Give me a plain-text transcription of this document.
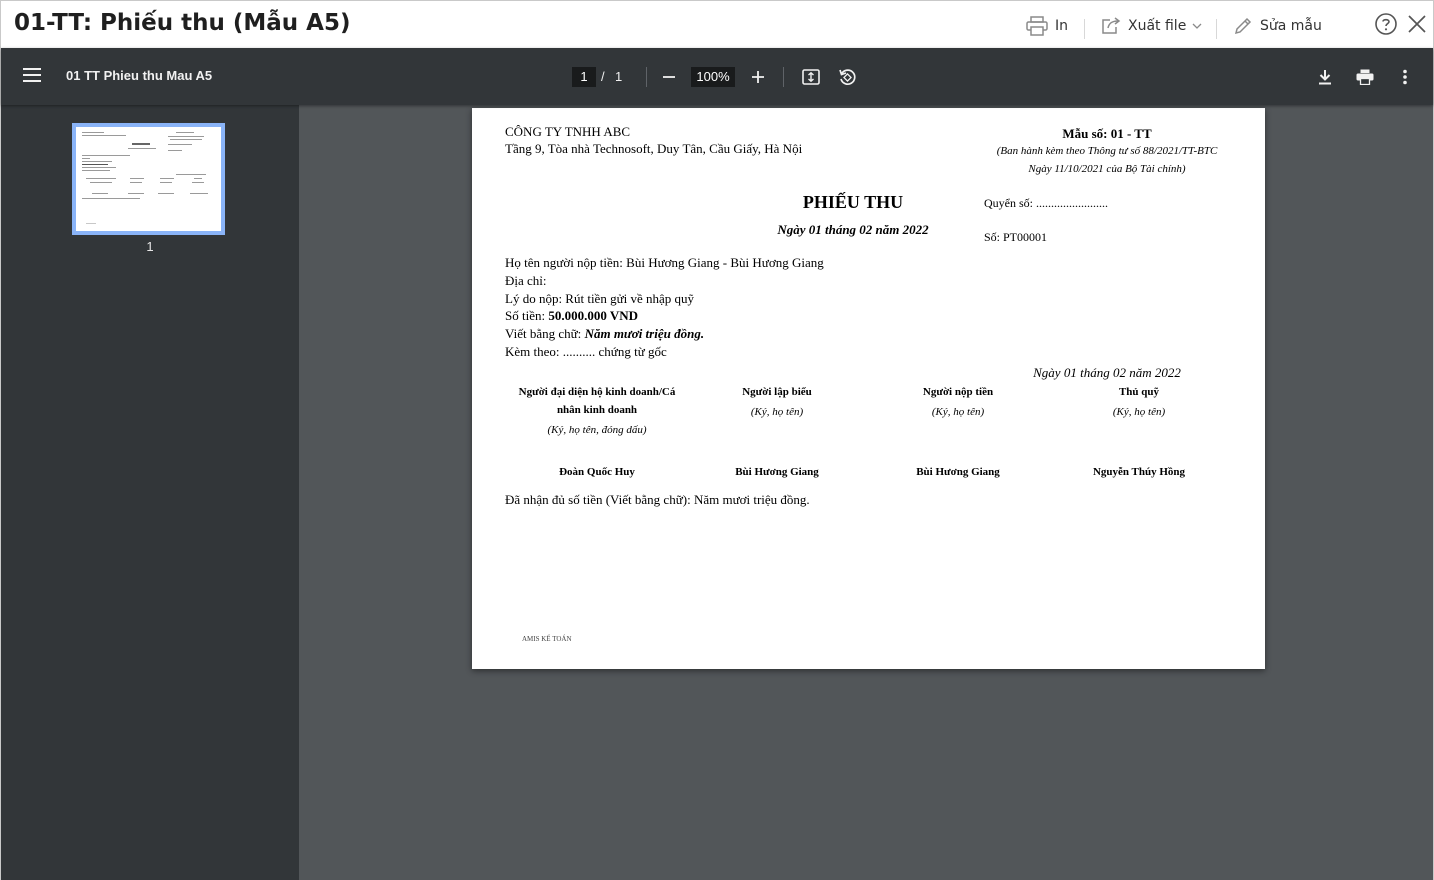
01-TT: Phiếu thu (Mẫu A5)	In	Xuất file	Sửa mẫu
01 TT Phieu thu Mau A5	1	/ 1	100%
1
CÔNG TY TNHH ABC
Tầng 9, Tòa nhà Technosoft, Duy Tân, Cầu Giấy, Hà Nội
Mẫu số: 01 - TT
(Ban hành kèm theo Thông tư số 88/2021/TT-BTC
Ngày 11/10/2021 của Bộ Tài chính)
PHIẾU THU
Ngày 01 tháng 02 năm 2022
Quyển số: ........................
Số: PT00001
Họ tên người nộp tiền: Bùi Hương Giang - Bùi Hương Giang
Địa chỉ:
Lý do nộp: Rút tiền gửi về nhập quỹ
Số tiền: 50.000.000 VND
Viết bằng chữ: Năm mươi triệu đồng.
Kèm theo: .......... chứng từ gốc
Ngày 01 tháng 02 năm 2022
Người đại diện hộ kinh doanh/Cá
nhân kinh doanh
(Ký, họ tên, đóng dấu)
Đoàn Quốc Huy
Người lập biểu
(Ký, họ tên)
Bùi Hương Giang
Người nộp tiền
(Ký, họ tên)
Bùi Hương Giang
Thủ quỹ
(Ký, họ tên)
Nguyễn Thúy Hồng
Đã nhận đủ số tiền (Viết bằng chữ): Năm mươi triệu đồng.
AMIS KẾ TOÁN
